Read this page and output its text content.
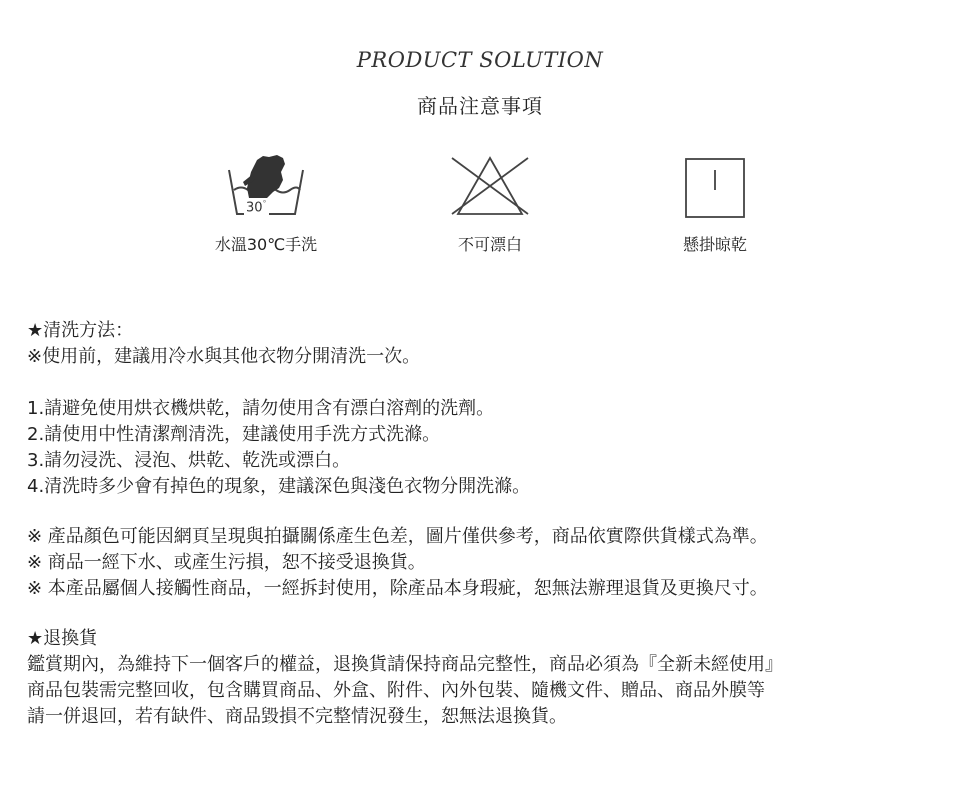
PRODUCT SOLUTION
商品注意事項
30°
水溫30℃手洗	不可漂白	懸掛晾乾
★清洗方法：
※使用前，建議用冷水與其他衣物分開清洗一次。
1.請避免使用烘衣機烘乾，請勿使用含有漂白溶劑的洗劑。
2.請使用中性清潔劑清洗，建議使用手洗方式洗滌。
3.請勿浸洗、浸泡、烘乾、乾洗或漂白。
4.清洗時多少會有掉色的現象，建議深色與淺色衣物分開洗滌。
※ 產品顏色可能因網頁呈現與拍攝關係產生色差，圖片僅供參考，商品依實際供貨樣式為準。
※ 商品一經下水、或產生污損，恕不接受退換貨。
※ 本產品屬個人接觸性商品，一經拆封使用，除產品本身瑕疵，恕無法辦理退貨及更換尺寸。
★退換貨
鑑賞期內，為維持下一個客戶的權益，退換貨請保持商品完整性，商品必須為『全新未經使用』
商品包裝需完整回收，包含購買商品、外盒、附件、內外包裝、隨機文件、贈品、商品外膜等
請一併退回，若有缺件、商品毀損不完整情況發生，恕無法退換貨。
